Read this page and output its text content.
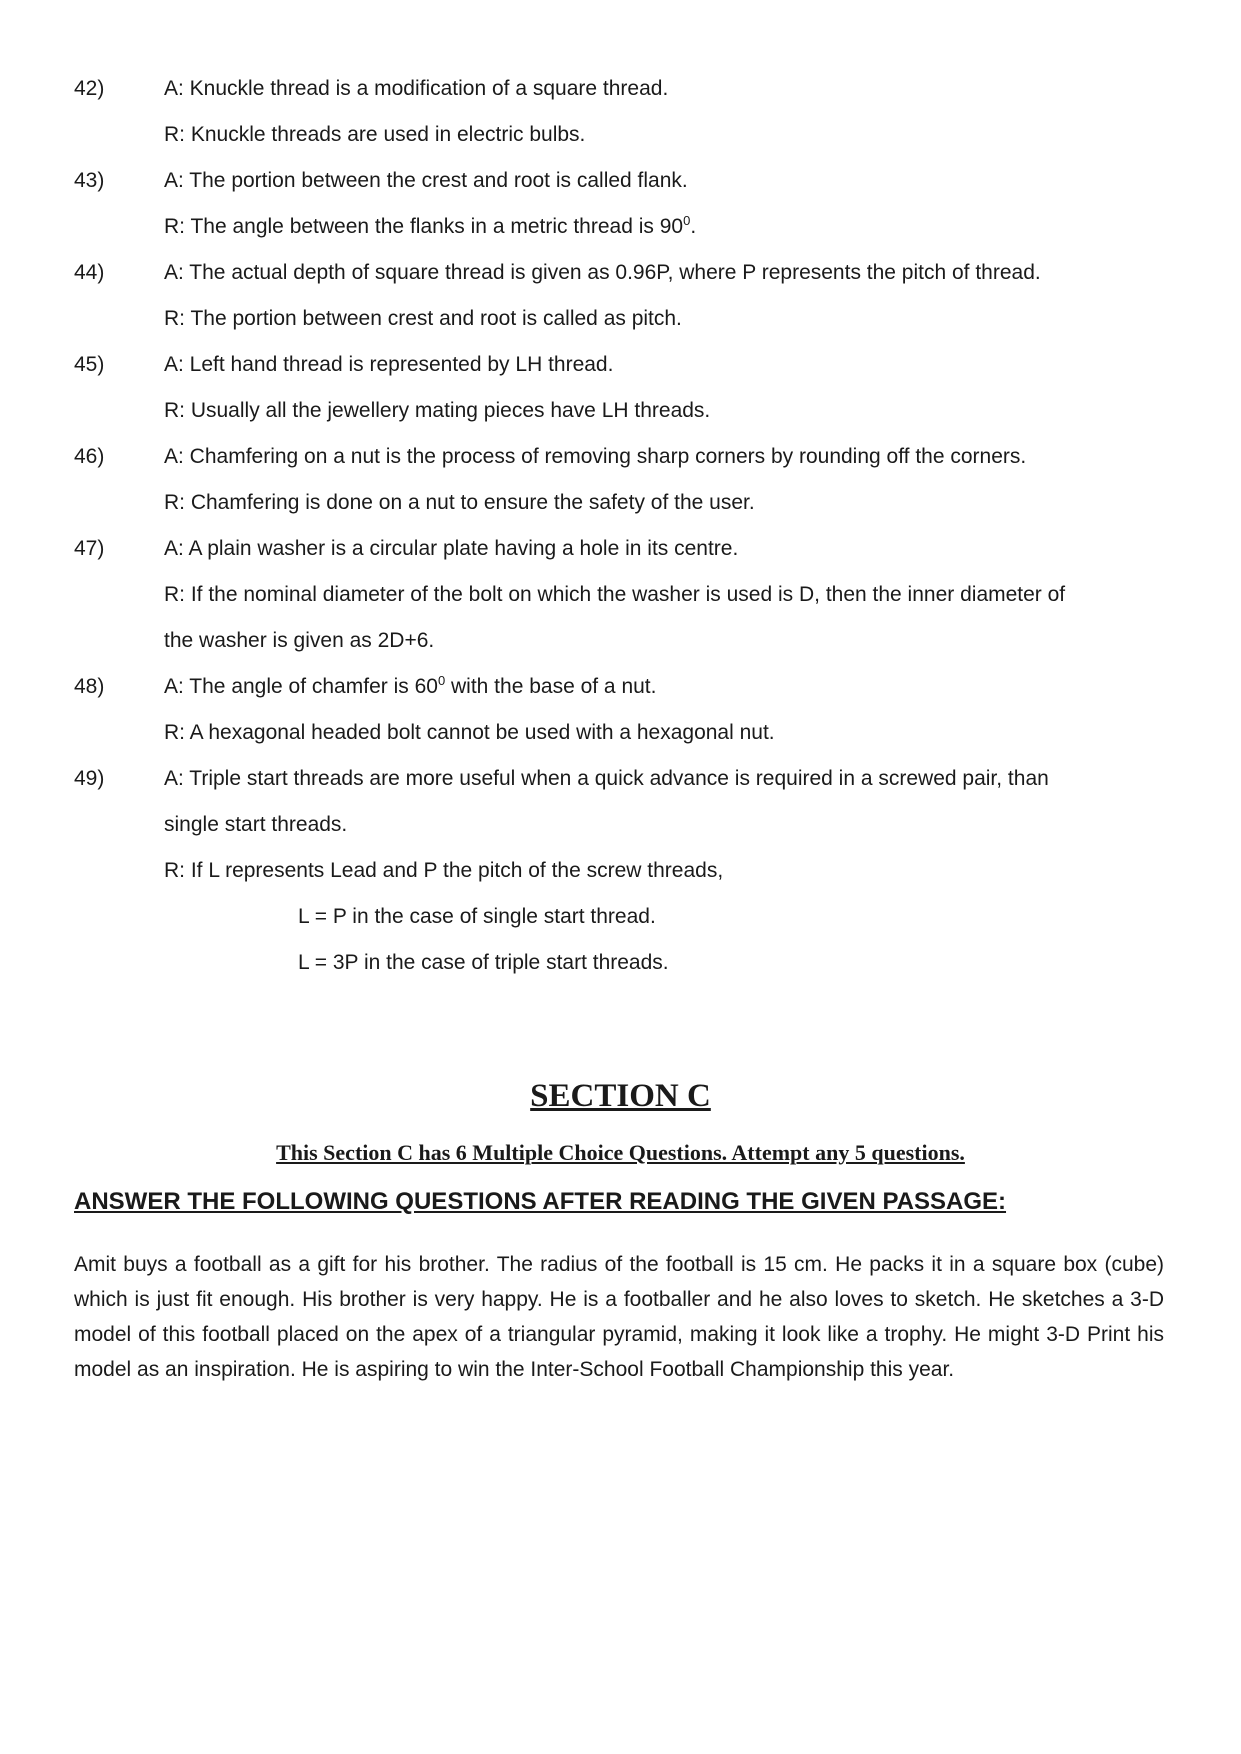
42)	A: Knuckle thread is a modification of a square thread.
R: Knuckle threads are used in electric bulbs.
43)	A: The portion between the crest and root is called flank.
R: The angle between the flanks in a metric thread is $90^0$.
44)	A: The actual depth of square thread is given as 0.96P, where P represents the pitch of thread.
R: The portion between crest and root is called as pitch.
45)	A: Left hand thread is represented by LH thread.
R: Usually all the jewellery mating pieces have LH threads.
46)	A: Chamfering on a nut is the process of removing sharp corners by rounding off the corners.
R: Chamfering is done on a nut to ensure the safety of the user.
47)	A: A plain washer is a circular plate having a hole in its centre.
R: If the nominal diameter of the bolt on which the washer is used is D, then the inner diameter of
the washer is given as 2D+6.
48)	A: The angle of chamfer is $60^0$ with the base of a nut.
R: A hexagonal headed bolt cannot be used with a hexagonal nut.
49)	A: Triple start threads are more useful when a quick advance is required in a screwed pair, than
single start threads.
R: If L represents Lead and P the pitch of the screw threads,
L = P in the case of single start thread.
L = 3P in the case of triple start threads.
SECTION C
This Section C has 6 Multiple Choice Questions. Attempt any 5 questions.
ANSWER THE FOLLOWING QUESTIONS AFTER READING THE GIVEN PASSAGE:
Amit buys a football as a gift for his brother. The radius of the football is 15 cm. He packs it in a square box (cube) which is just fit enough. His brother is very happy. He is a footballer and he also loves to sketch. He sketches a 3-D model of this football placed on the apex of a triangular pyramid, making it look like a trophy. He might 3-D Print his model as an inspiration. He is aspiring to win the Inter-School Football Championship this year.
